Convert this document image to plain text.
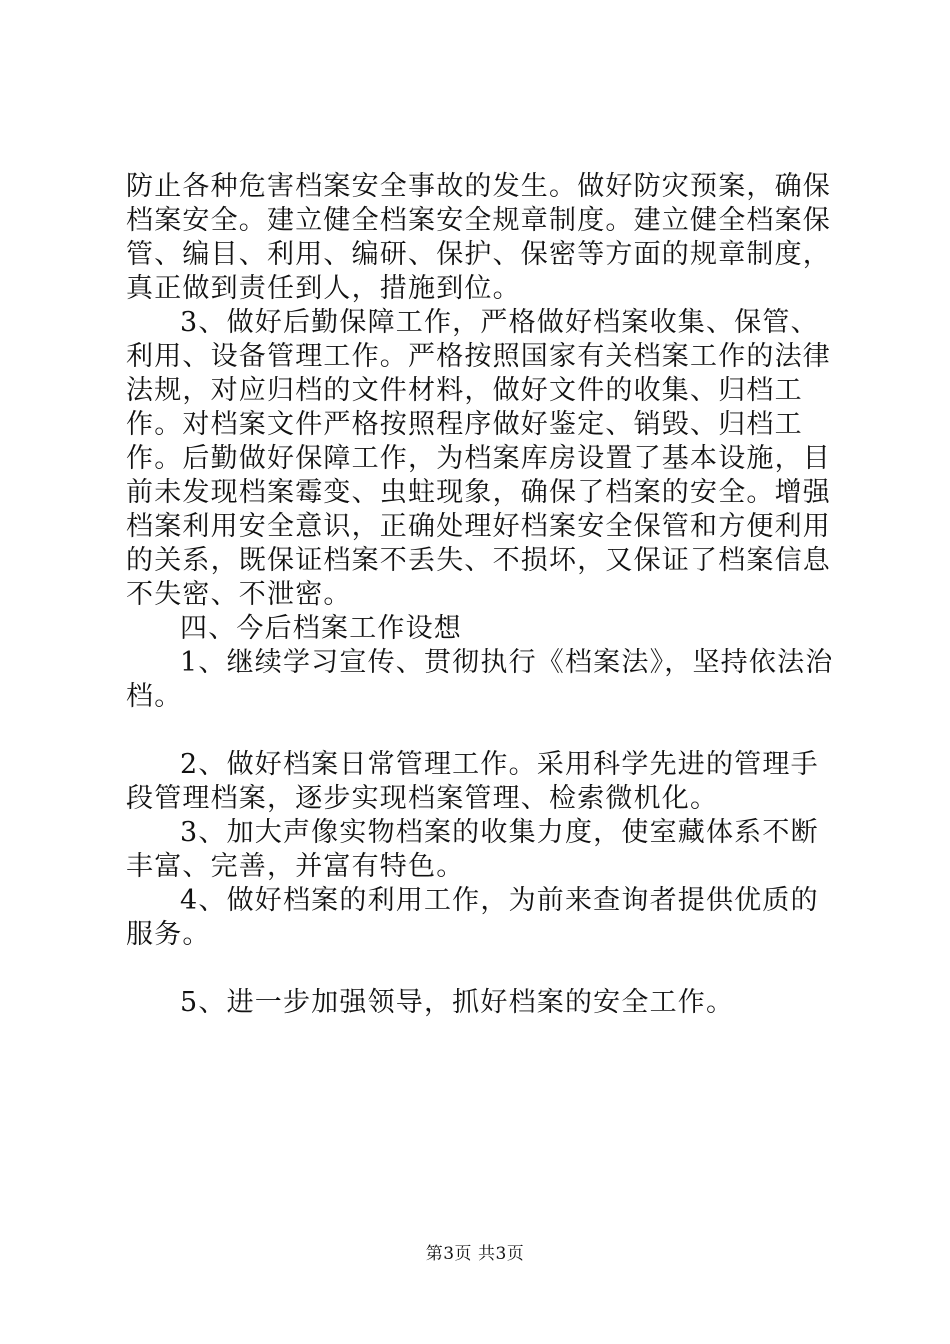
防止各种危害档案安全事故的发生。做好防灾预案，确保档案安全。建立健全档案安全规章制度。建立健全档案保管、编目、利用、编研、保护、保密等方面的规章制度，真正做到责任到人，措施到位。

3、做好后勤保障工作，严格做好档案收集、保管、利用、设备管理工作。严格按照国家有关档案工作的法律法规，对应归档的文件材料，做好文件的收集、归档工作。对档案文件严格按照程序做好鉴定、销毁、归档工作。后勤做好保障工作，为档案库房设置了基本设施，目前未发现档案霉变、虫蛀现象，确保了档案的安全。增强档案利用安全意识，正确处理好档案安全保管和方便利用的关系，既保证档案不丢失、不损坏，又保证了档案信息不失密、不泄密。

四、今后档案工作设想

1、继续学习宣传、贯彻执行《档案法》，坚持依法治档。

2、做好档案日常管理工作。采用科学先进的管理手段管理档案，逐步实现档案管理、检索微机化。

3、加大声像实物档案的收集力度，使室藏体系不断丰富、完善，并富有特色。

4、做好档案的利用工作，为前来查询者提供优质的服务。

5、进一步加强领导，抓好档案的安全工作。

第3页 共3页
